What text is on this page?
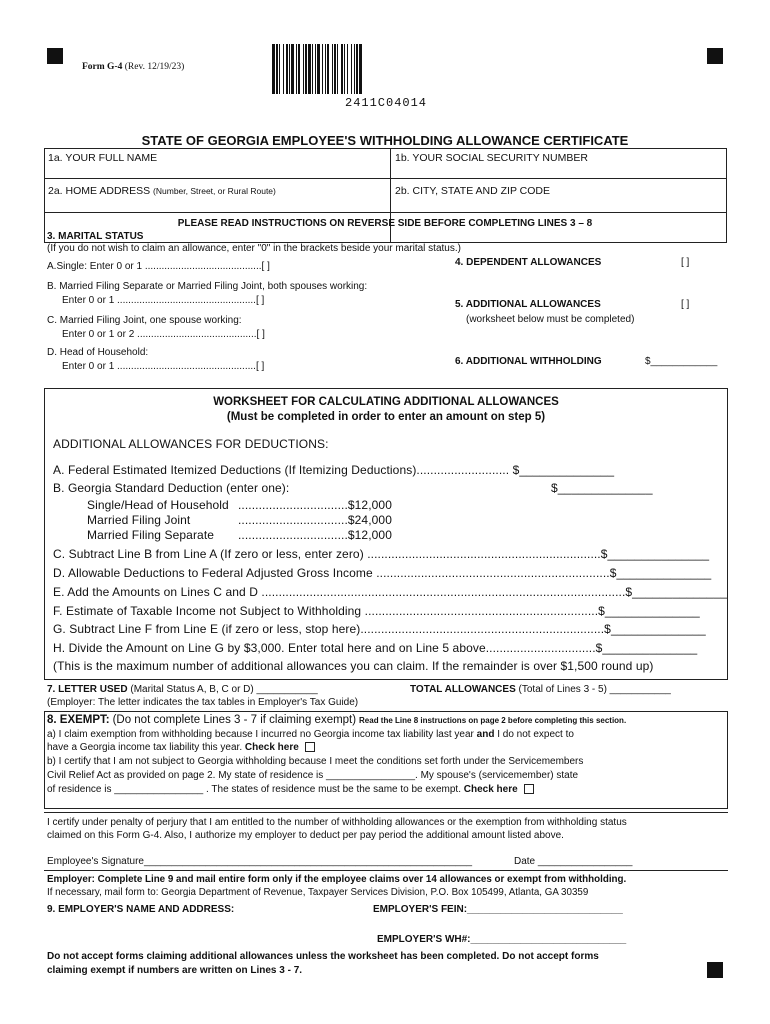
Form G-4 (Rev. 12/19/23)
2411C04014
STATE OF GEORGIA EMPLOYEE'S WITHHOLDING ALLOWANCE CERTIFICATE
1a. YOUR FULL NAME	1b. YOUR SOCIAL SECURITY NUMBER
2a. HOME ADDRESS (Number, Street, or Rural Route)	2b. CITY, STATE AND ZIP CODE
PLEASE READ INSTRUCTIONS ON REVERSE SIDE BEFORE COMPLETING LINES 3 – 8
3. MARITAL STATUS
(If you do not wish to claim an allowance, enter "0" in the brackets beside your marital status.)
A.Single: Enter 0 or 1 ..........................................[ ]
B. Married Filing Separate or Married Filing Joint, both spouses working:
Enter 0 or 1 ..................................................[ ]
C. Married Filing Joint, one spouse working:
Enter 0 or 1 or 2 ...........................................[ ]
D. Head of Household:
Enter 0 or 1 ..................................................[ ]
4. DEPENDENT ALLOWANCES	[ ]
5. ADDITIONAL ALLOWANCES	[ ]
(worksheet below must be completed)
6. ADDITIONAL WITHHOLDING	$____________
WORKSHEET FOR CALCULATING ADDITIONAL ALLOWANCES
(Must be completed in order to enter an amount on step 5)
ADDITIONAL ALLOWANCES FOR DEDUCTIONS:
A. Federal Estimated Itemized Deductions (If Itemizing Deductions)........................... $______________
B. Georgia Standard Deduction (enter one):	$______________
Single/Head of Household ................................$12,000
Married Filing Joint	................................$24,000
Married Filing Separate ................................$12,000
C. Subtract Line B from Line A (If zero or less, enter zero) ....................................................................$_______________
D. Allowable Deductions to Federal Adjusted Gross Income ....................................................................$______________
E. Add the Amounts on Lines C and D ..........................................................................................................$______________
F. Estimate of Taxable Income not Subject to Withholding ....................................................................$______________
G. Subtract Line F from Line E (if zero or less, stop here).......................................................................$______________
H. Divide the Amount on Line G by $3,000. Enter total here and on Line 5 above................................$______________
(This is the maximum number of additional allowances you can claim. If the remainder is over $1,500 round up)
7. LETTER USED (Marital Status A, B, C or D) ___________	TOTAL ALLOWANCES (Total of Lines 3 - 5) ___________
(Employer: The letter indicates the tax tables in Employer's Tax Guide)
8. EXEMPT: (Do not complete Lines 3 - 7 if claiming exempt) Read the Line 8 instructions on page 2 before completing this section.
a) I claim exemption from withholding because I incurred no Georgia income tax liability last year and I do not expect to
have a Georgia income tax liability this year. Check here
b) I certify that I am not subject to Georgia withholding because I meet the conditions set forth under the Servicemembers
Civil Relief Act as provided on page 2. My state of residence is ________________. My spouse's (servicemember) state
of residence is ________________ . The states of residence must be the same to be exempt. Check here
I certify under penalty of perjury that I am entitled to the number of withholding allowances or the exemption from withholding status
claimed on this Form G-4. Also, I authorize my employer to deduct per pay period the additional amount listed above.
Employee's Signature___________________________________________________________	Date _________________
Employer: Complete Line 9 and mail entire form only if the employee claims over 14 allowances or exempt from withholding.
If necessary, mail form to: Georgia Department of Revenue, Taxpayer Services Division, P.O. Box 105499, Atlanta, GA 30359
9. EMPLOYER'S NAME AND ADDRESS:	EMPLOYER'S FEIN:____________________________
EMPLOYER'S WH#:____________________________
Do not accept forms claiming additional allowances unless the worksheet has been completed. Do not accept forms
claiming exempt if numbers are written on Lines 3 - 7.
